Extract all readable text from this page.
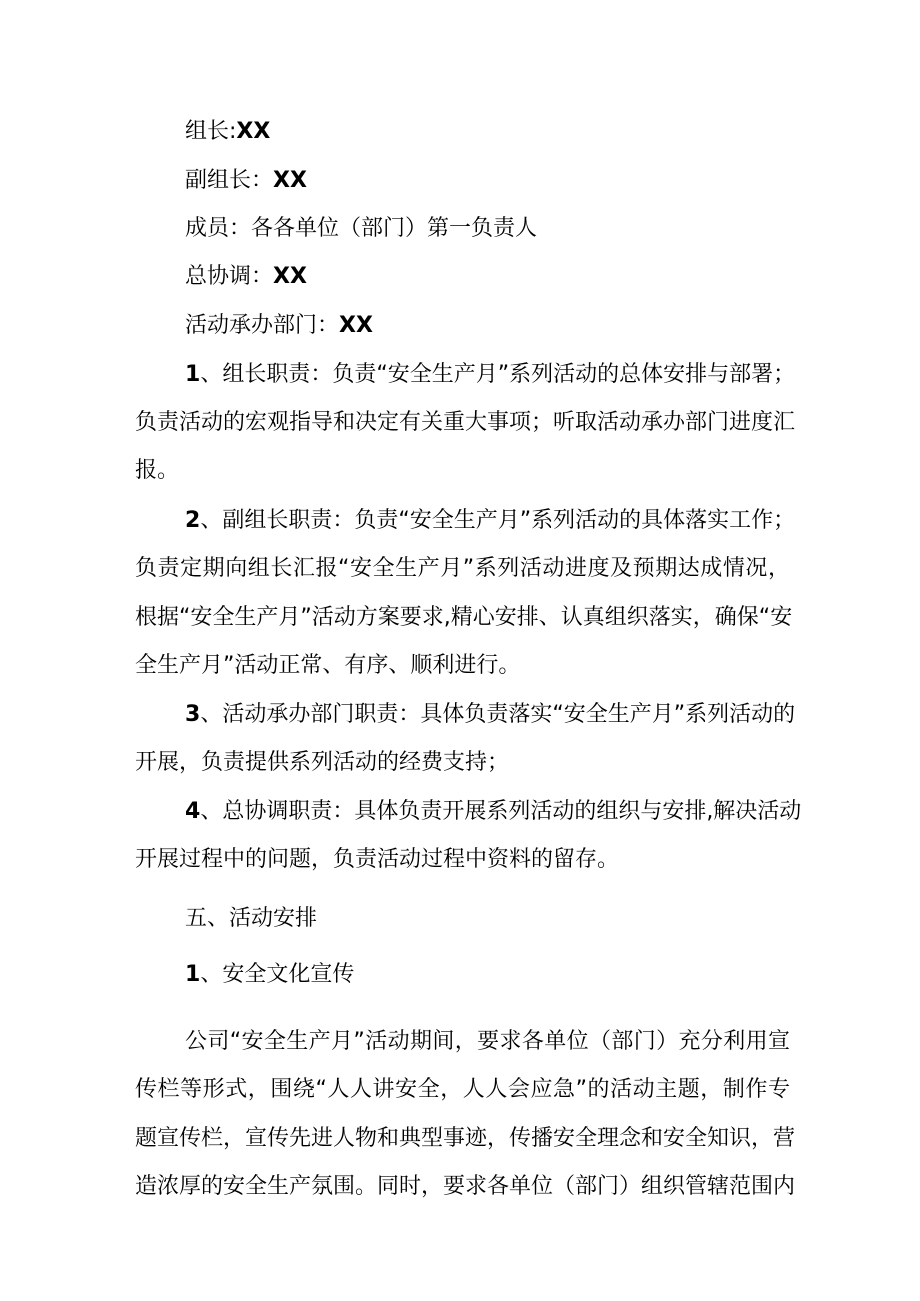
组长:XX
副组长：XX
成员：各各单位（部门）第一负责人
总协调：XX
活动承办部门：XX
1、组长职责：负责“安全生产月”系列活动的总体安排与部署；
负责活动的宏观指导和决定有关重大事项；听取活动承办部门进度汇
报。
2、副组长职责：负责“安全生产月”系列活动的具体落实工作；
负责定期向组长汇报“安全生产月”系列活动进度及预期达成情况，
根据“安全生产月”活动方案要求,精心安排、认真组织落实，确保“安
全生产月”活动正常、有序、顺利进行。
3、活动承办部门职责：具体负责落实“安全生产月”系列活动的
开展，负责提供系列活动的经费支持；
4、总协调职责：具体负责开展系列活动的组织与安排,解决活动
开展过程中的问题，负责活动过程中资料的留存。
五、活动安排
1、安全文化宣传
公司“安全生产月”活动期间，要求各单位（部门）充分利用宣
传栏等形式，围绕“人人讲安全，人人会应急”的活动主题，制作专
题宣传栏，宣传先进人物和典型事迹，传播安全理念和安全知识，营
造浓厚的安全生产氛围。同时，要求各单位（部门）组织管辖范围内
